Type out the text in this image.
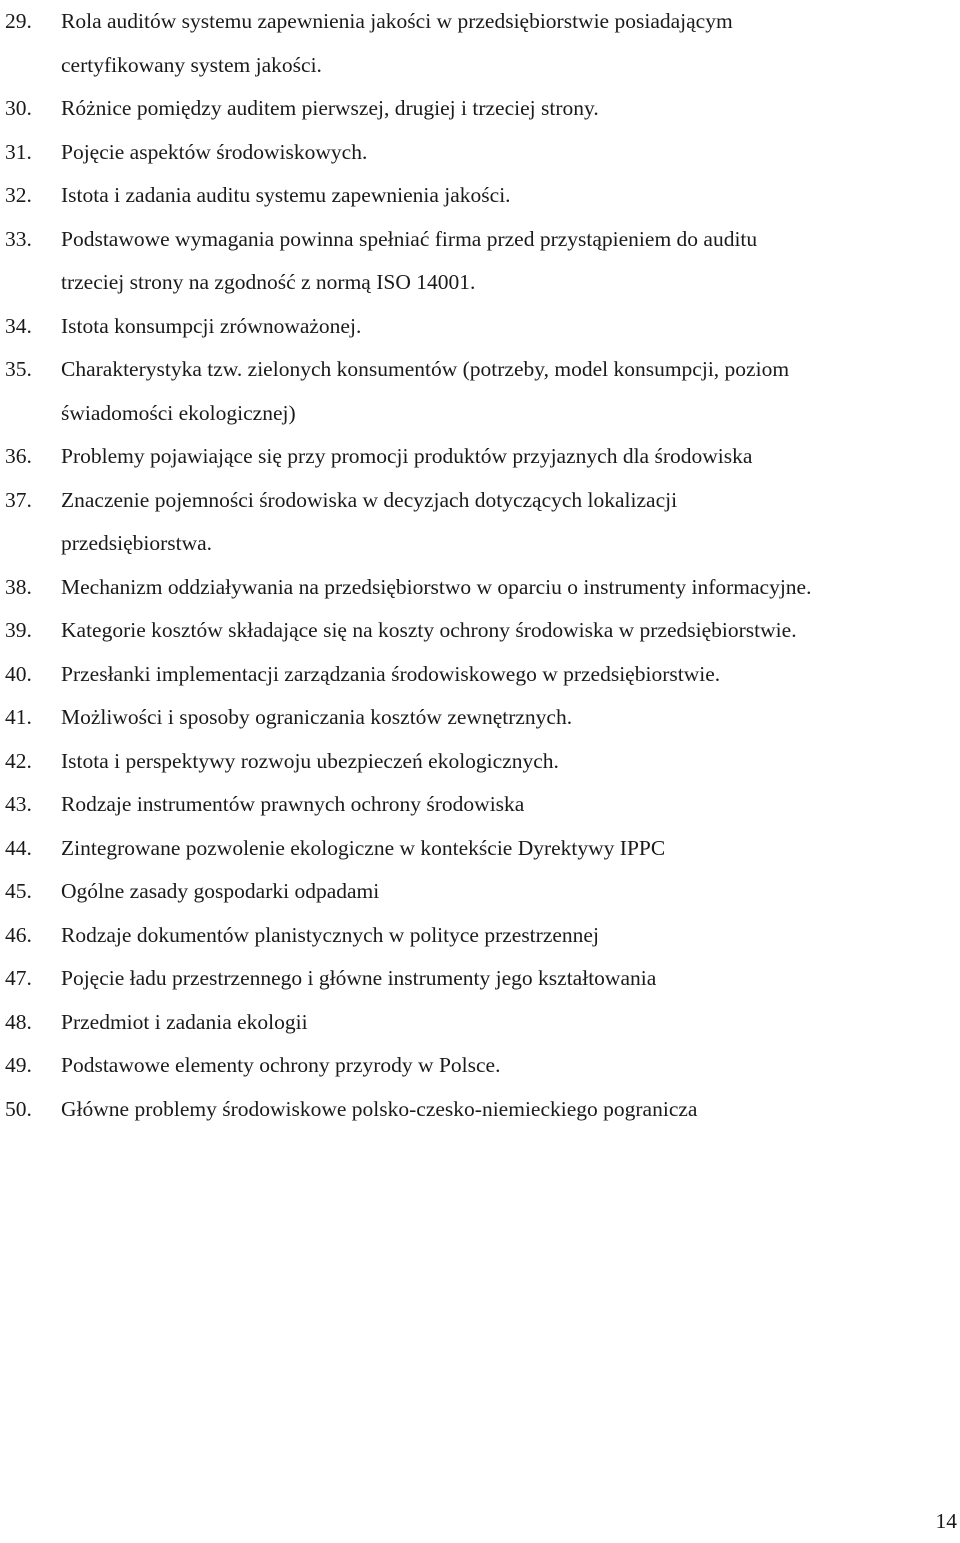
29. Rola auditów systemu zapewnienia jakości w przedsiębiorstwie posiadającym
certyfikowany system jakości.
30. Różnice pomiędzy auditem pierwszej, drugiej i trzeciej strony.
31. Pojęcie aspektów środowiskowych.
32. Istota i zadania auditu systemu zapewnienia jakości.
33. Podstawowe wymagania powinna spełniać firma przed przystąpieniem do auditu
trzeciej strony na zgodność z normą ISO 14001.
34. Istota konsumpcji zrównoważonej.
35. Charakterystyka tzw. zielonych konsumentów (potrzeby, model konsumpcji, poziom
świadomości ekologicznej)
36. Problemy pojawiające się przy promocji produktów przyjaznych dla środowiska
37. Znaczenie pojemności środowiska w decyzjach dotyczących lokalizacji
przedsiębiorstwa.
38. Mechanizm oddziaływania na przedsiębiorstwo w oparciu o instrumenty informacyjne.
39. Kategorie kosztów składające się na koszty ochrony środowiska w przedsiębiorstwie.
40. Przesłanki implementacji zarządzania środowiskowego w przedsiębiorstwie.
41. Możliwości i sposoby ograniczania kosztów zewnętrznych.
42. Istota i perspektywy rozwoju ubezpieczeń ekologicznych.
43. Rodzaje instrumentów prawnych ochrony środowiska
44. Zintegrowane pozwolenie ekologiczne w kontekście Dyrektywy IPPC
45. Ogólne zasady gospodarki odpadami
46. Rodzaje dokumentów planistycznych w polityce przestrzennej
47. Pojęcie ładu przestrzennego i główne instrumenty jego kształtowania
48. Przedmiot i zadania ekologii
49. Podstawowe elementy ochrony przyrody w Polsce.
50. Główne problemy środowiskowe polsko-czesko-niemieckiego pogranicza
14
